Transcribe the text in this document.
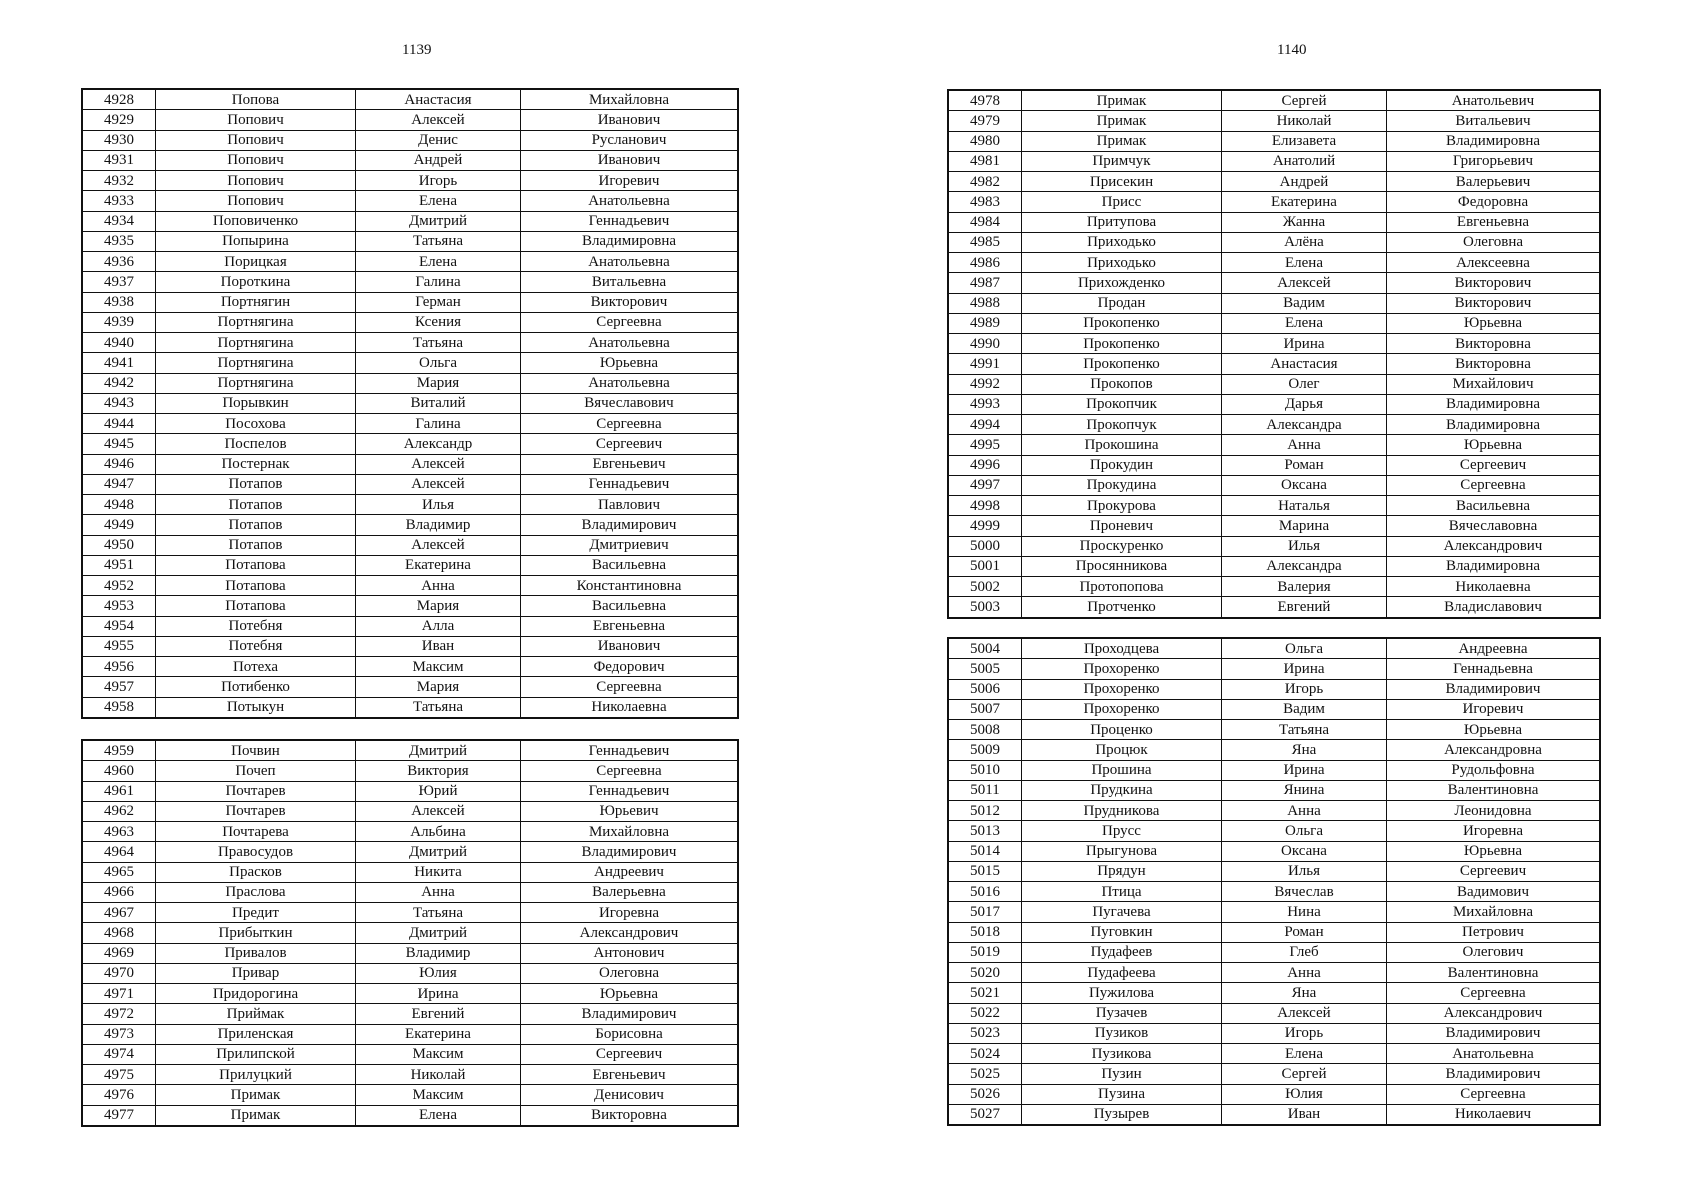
1139	1140
4928	Попова	Анастасия	Михайловна
4929	Попович	Алексей	Иванович
4930	Попович	Денис	Русланович
4931	Попович	Андрей	Иванович
4932	Попович	Игорь	Игоревич
4933	Попович	Елена	Анатольевна
4934	Поповиченко	Дмитрий	Геннадьевич
4935	Попырина	Татьяна	Владимировна
4936	Порицкая	Елена	Анатольевна
4937	Пороткина	Галина	Витальевна
4938	Портнягин	Герман	Викторович
4939	Портнягина	Ксения	Сергеевна
4940	Портнягина	Татьяна	Анатольевна
4941	Портнягина	Ольга	Юрьевна
4942	Портнягина	Мария	Анатольевна
4943	Порывкин	Виталий	Вячеславович
4944	Посохова	Галина	Сергеевна
4945	Поспелов	Александр	Сергеевич
4946	Постернак	Алексей	Евгеньевич
4947	Потапов	Алексей	Геннадьевич
4948	Потапов	Илья	Павлович
4949	Потапов	Владимир	Владимирович
4950	Потапов	Алексей	Дмитриевич
4951	Потапова	Екатерина	Васильевна
4952	Потапова	Анна	Константиновна
4953	Потапова	Мария	Васильевна
4954	Потебня	Алла	Евгеньевна
4955	Потебня	Иван	Иванович
4956	Потеха	Максим	Федорович
4957	Потибенко	Мария	Сергеевна
4958	Потыкун	Татьяна	Николаевна
4959	Почвин	Дмитрий	Геннадьевич
4960	Почеп	Виктория	Сергеевна
4961	Почтарев	Юрий	Геннадьевич
4962	Почтарев	Алексей	Юрьевич
4963	Почтарева	Альбина	Михайловна
4964	Правосудов	Дмитрий	Владимирович
4965	Прасков	Никита	Андреевич
4966	Праслова	Анна	Валерьевна
4967	Предит	Татьяна	Игоревна
4968	Прибыткин	Дмитрий	Александрович
4969	Привалов	Владимир	Антонович
4970	Привар	Юлия	Олеговна
4971	Придорогина	Ирина	Юрьевна
4972	Приймак	Евгений	Владимирович
4973	Приленская	Екатерина	Борисовна
4974	Прилипской	Максим	Сергеевич
4975	Прилуцкий	Николай	Евгеньевич
4976	Примак	Максим	Денисович
4977	Примак	Елена	Викторовна
4978	Примак	Сергей	Анатольевич
4979	Примак	Николай	Витальевич
4980	Примак	Елизавета	Владимировна
4981	Примчук	Анатолий	Григорьевич
4982	Присекин	Андрей	Валерьевич
4983	Присс	Екатерина	Федоровна
4984	Притупова	Жанна	Евгеньевна
4985	Приходько	Алёна	Олеговна
4986	Приходько	Елена	Алексеевна
4987	Прихожденко	Алексей	Викторович
4988	Продан	Вадим	Викторович
4989	Прокопенко	Елена	Юрьевна
4990	Прокопенко	Ирина	Викторовна
4991	Прокопенко	Анастасия	Викторовна
4992	Прокопов	Олег	Михайлович
4993	Прокопчик	Дарья	Владимировна
4994	Прокопчук	Александра	Владимировна
4995	Прокошина	Анна	Юрьевна
4996	Прокудин	Роман	Сергеевич
4997	Прокудина	Оксана	Сергеевна
4998	Прокурова	Наталья	Васильевна
4999	Проневич	Марина	Вячеславовна
5000	Проскуренко	Илья	Александрович
5001	Просянникова	Александра	Владимировна
5002	Протопопова	Валерия	Николаевна
5003	Протченко	Евгений	Владиславович
5004	Проходцева	Ольга	Андреевна
5005	Прохоренко	Ирина	Геннадьевна
5006	Прохоренко	Игорь	Владимирович
5007	Прохоренко	Вадим	Игоревич
5008	Проценко	Татьяна	Юрьевна
5009	Процюк	Яна	Александровна
5010	Прошина	Ирина	Рудольфовна
5011	Прудкина	Янина	Валентиновна
5012	Прудникова	Анна	Леонидовна
5013	Прусс	Ольга	Игоревна
5014	Прыгунова	Оксана	Юрьевна
5015	Прядун	Илья	Сергеевич
5016	Птица	Вячеслав	Вадимович
5017	Пугачева	Нина	Михайловна
5018	Пуговкин	Роман	Петрович
5019	Пудафеев	Глеб	Олегович
5020	Пудафеева	Анна	Валентиновна
5021	Пужилова	Яна	Сергеевна
5022	Пузачев	Алексей	Александрович
5023	Пузиков	Игорь	Владимирович
5024	Пузикова	Елена	Анатольевна
5025	Пузин	Сергей	Владимирович
5026	Пузина	Юлия	Сергеевна
5027	Пузырев	Иван	Николаевич
